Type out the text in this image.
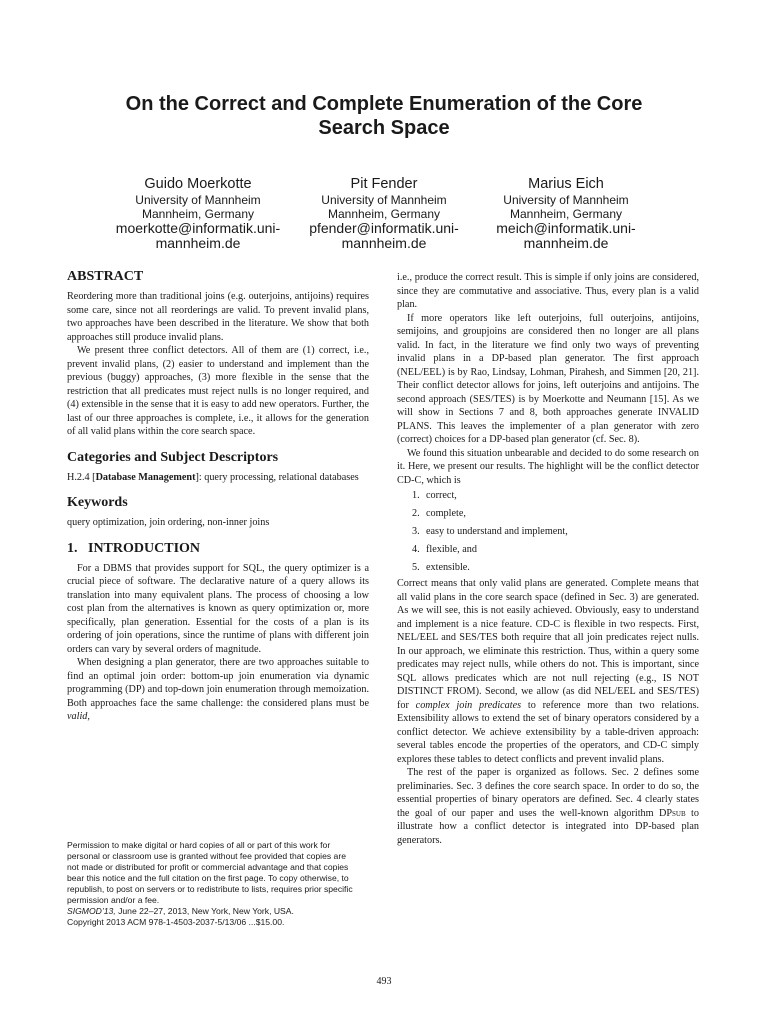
On the Correct and Complete Enumeration of the Core
Search Space
Guido Moerkotte
University of Mannheim
Mannheim, Germany
moerkotte@informatik.uni-
mannheim.de
Pit Fender
University of Mannheim
Mannheim, Germany
pfender@informatik.uni-
mannheim.de
Marius Eich
University of Mannheim
Mannheim, Germany
meich@informatik.uni-
mannheim.de
ABSTRACT

Reordering more than traditional joins (e.g. outerjoins, antijoins) requires some care, since not all reorderings are valid. To prevent invalid plans, two approaches have been described in the literature. We show that both approaches still produce invalid plans.

We present three conflict detectors. All of them are (1) correct, i.e., prevent invalid plans, (2) easier to understand and implement than the previous (buggy) approaches, (3) more flexible in the sense that the restriction that all predicates must reject nulls is no longer required, and (4) extensible in the sense that it is easy to add new operators. Further, the last of our three approaches is complete, i.e., it allows for the generation of all valid plans within the core search space.

Categories and Subject Descriptors

H.2.4 [Database Management]: query processing, relational databases

Keywords

query optimization, join ordering, non-inner joins

1.   INTRODUCTION

For a DBMS that provides support for SQL, the query optimizer is a crucial piece of software. The declarative nature of a query allows its translation into many equivalent plans. The process of choosing a low cost plan from the alternatives is known as query optimization or, more specifically, plan generation. Essential for the costs of a plan is its ordering of join operations, since the runtime of plans with different join orders can vary by several orders of magnitude.

When designing a plan generator, there are two approaches suitable to find an optimal join order: bottom-up join enumeration via dynamic programming (DP) and top-down join enumeration through memoization. Both approaches face the same challenge: the considered plans must be valid,

i.e., produce the correct result. This is simple if only joins are considered, since they are commutative and associative. Thus, every plan is a valid plan.

If more operators like left outerjoins, full outerjoins, antijoins, semijoins, and groupjoins are considered then no longer are all plans valid. In fact, in the literature we find only two ways of preventing invalid plans in a DP-based plan generator. The first approach (NEL/EEL) is by Rao, Lindsay, Lohman, Pirahesh, and Simmen [20, 21]. Their conflict detector allows for joins, left outerjoins and antijoins. The second approach (SES/TES) is by Moerkotte and Neumann [15]. As we will show in Sections 7 and 8, both approaches generate INVALID PLANS. This leaves the implementer of a plan generator with zero (correct) choices for a DP-based plan generator (cf. Sec. 8).

We found this situation unbearable and decided to do some research on it. Here, we present our results. The highlight will be the conflict detector CD-C, which is

1. correct,
2. complete,
3. easy to understand and implement,
4. flexible, and
5. extensible.

Correct means that only valid plans are generated. Complete means that all valid plans in the core search space (defined in Sec. 3) are generated. As we will see, this is not easily achieved. Obviously, easy to understand and implement is a nice feature. CD-C is flexible in two respects. First, NEL/EEL and SES/TES both require that all join predicates reject nulls. In our approach, we eliminate this restriction. Thus, within a query some predicates may reject nulls, while others do not. This is important, since SQL allows predicates which are not null rejecting (e.g., IS NOT DISTINCT FROM). Second, we allow (as did NEL/EEL and SES/TES) for complex join predicates to reference more than two relations. Extensibility allows to extend the set of binary operators considered by a conflict detector. We achieve extensibility by a table-driven approach: several tables encode the properties of the operators, and CD-C simply explores these tables to detect conflicts and prevent invalid plans.

The rest of the paper is organized as follows. Sec. 2 defines some preliminaries. Sec. 3 defines the core search space. In order to do so, the essential properties of binary operators are defined. Sec. 4 clearly states the goal of our paper and uses the well-known algorithm DPsub to illustrate how a conflict detector is integrated into DP-based plan generators.

Permission to make digital or hard copies of all or part of this work for personal or classroom use is granted without fee provided that copies are not made or distributed for profit or commercial advantage and that copies bear this notice and the full citation on the first page. To copy otherwise, to republish, to post on servers or to redistribute to lists, requires prior specific permission and/or a fee.

SIGMOD’13, June 22–27, 2013, New York, New York, USA.

Copyright 2013 ACM 978-1-4503-2037-5/13/06 ...$15.00.

493
